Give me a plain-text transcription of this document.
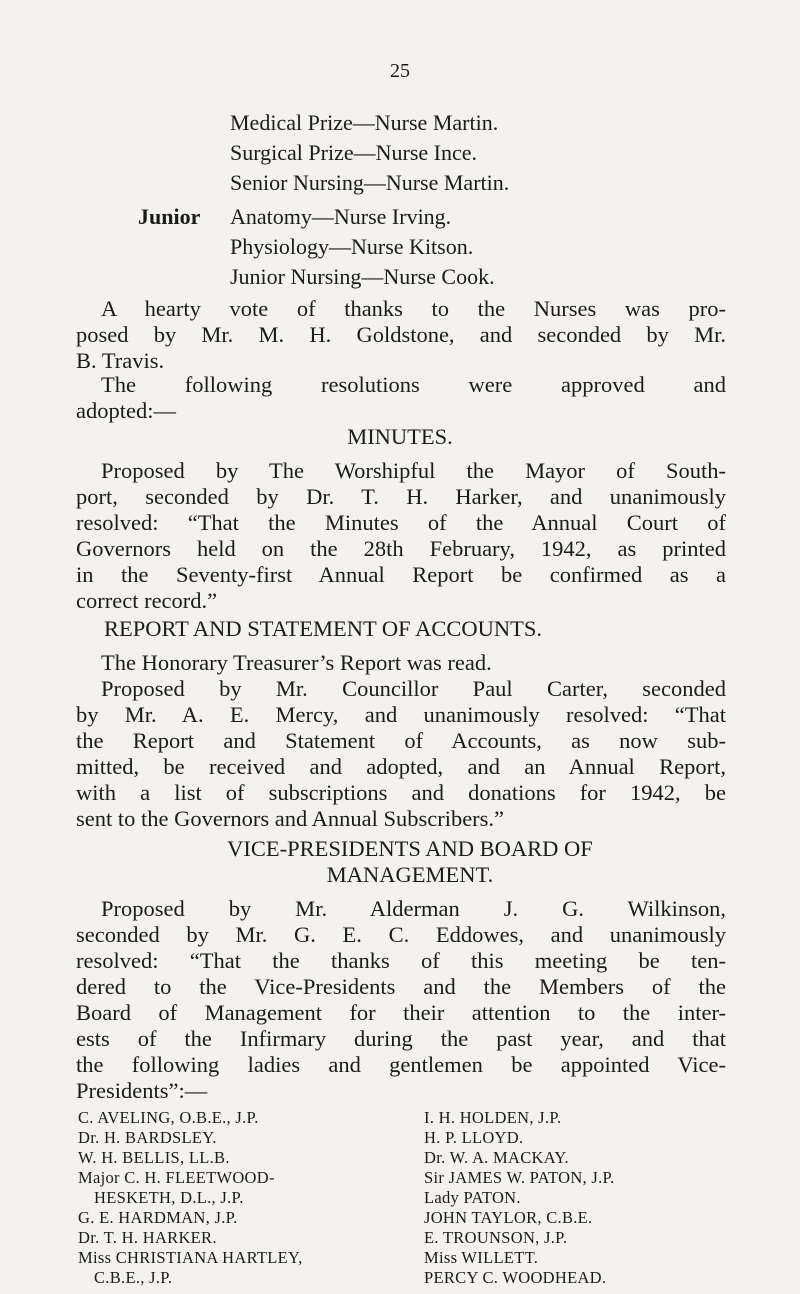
25
Medical Prize—Nurse Martin.
Surgical Prize—Nurse Ince.
Senior Nursing—Nurse Martin.
Junior Anatomy—Nurse Irving.
Physiology—Nurse Kitson.
Junior Nursing—Nurse Cook.
A hearty vote of thanks to the Nurses was pro-
posed by Mr. M. H. Goldstone, and seconded by Mr.
B. Travis.
The following resolutions were approved and
adopted:—
MINUTES.
Proposed by The Worshipful the Mayor of South-
port, seconded by Dr. T. H. Harker, and unanimously
resolved: “That the Minutes of the Annual Court of
Governors held on the 28th February, 1942, as printed
in the Seventy-first Annual Report be confirmed as a
correct record.”
REPORT AND STATEMENT OF ACCOUNTS.
The Honorary Treasurer’s Report was read.
Proposed by Mr. Councillor Paul Carter, seconded
by Mr. A. E. Mercy, and unanimously resolved: “That
the Report and Statement of Accounts, as now sub-
mitted, be received and adopted, and an Annual Report,
with a list of subscriptions and donations for 1942, be
sent to the Governors and Annual Subscribers.”
VICE-PRESIDENTS AND BOARD OF
MANAGEMENT.
Proposed by Mr. Alderman J. G. Wilkinson,
seconded by Mr. G. E. C. Eddowes, and unanimously
resolved: “That the thanks of this meeting be ten-
dered to the Vice-Presidents and the Members of the
Board of Management for their attention to the inter-
ests of the Infirmary during the past year, and that
the following ladies and gentlemen be appointed Vice-
Presidents”:—
C. AVELING, O.B.E., J.P.
Dr. H. BARDSLEY.
W. H. BELLIS, LL.B.
Major C. H. FLEETWOOD-
HESKETH, D.L., J.P.
G. E. HARDMAN, J.P.
Dr. T. H. HARKER.
Miss CHRISTIANA HARTLEY,
C.B.E., J.P.
I. H. HOLDEN, J.P.
H. P. LLOYD.
Dr. W. A. MACKAY.
Sir JAMES W. PATON, J.P.
Lady PATON.
JOHN TAYLOR, C.B.E.
E. TROUNSON, J.P.
Miss WILLETT.
PERCY C. WOODHEAD.
